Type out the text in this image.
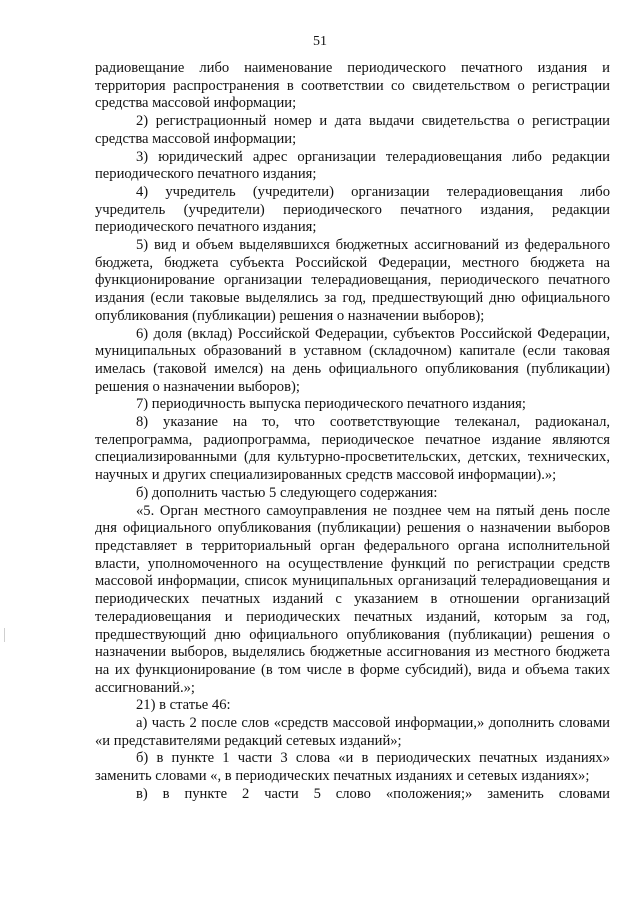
51

радиовещание либо наименование периодического печатного издания и территория распространения в соответствии со свидетельством о регистрации средства массовой информации;

2) регистрационный номер и дата выдачи свидетельства о регистрации средства массовой информации;

3) юридический адрес организации телерадиовещания либо редакции периодического печатного издания;

4) учредитель (учредители) организации телерадиовещания либо учредитель (учредители) периодического печатного издания, редакции периодического печатного издания;

5) вид и объем выделявшихся бюджетных ассигнований из федерального бюджета, бюджета субъекта Российской Федерации, местного бюджета на функционирование организации телерадиовещания, периодического печатного издания (если таковые выделялись за год, предшествующий дню официального опубликования (публикации) решения о назначении выборов);

6) доля (вклад) Российской Федерации, субъектов Российской Федерации, муниципальных образований в уставном (складочном) капитале (если таковая имелась (таковой имелся) на день официального опубликования (публикации) решения о назначении выборов);

7) периодичность выпуска периодического печатного издания;

8) указание на то, что соответствующие телеканал, радиоканал, телепрограмма, радиопрограмма, периодическое печатное издание являются специализированными (для культурно-просветительских, детских, технических, научных и других специализированных средств массовой информации).»;

б) дополнить частью 5 следующего содержания:

«5. Орган местного самоуправления не позднее чем на пятый день после дня официального опубликования (публикации) решения о назначении выборов представляет в территориальный орган федерального органа исполнительной власти, уполномоченного на осуществление функций по регистрации средств массовой информации, список муниципальных организаций телерадиовещания и периодических печатных изданий с указанием в отношении организаций телерадиовещания и периодических печатных изданий, которым за год, предшествующий дню официального опубликования (публикации) решения о назначении выборов, выделялись бюджетные ассигнования из местного бюджета на их функционирование (в том числе в форме субсидий), вида и объема таких ассигнований.»;

21) в статье 46:

а) часть 2 после слов «средств массовой информации,» дополнить словами «и представителями редакций сетевых изданий»;

б) в пункте 1 части 3 слова «и в периодических печатных изданиях» заменить словами «, в периодических печатных изданиях и сетевых изданиях»;

в) в пункте 2 части 5 слово «положения;» заменить словами
